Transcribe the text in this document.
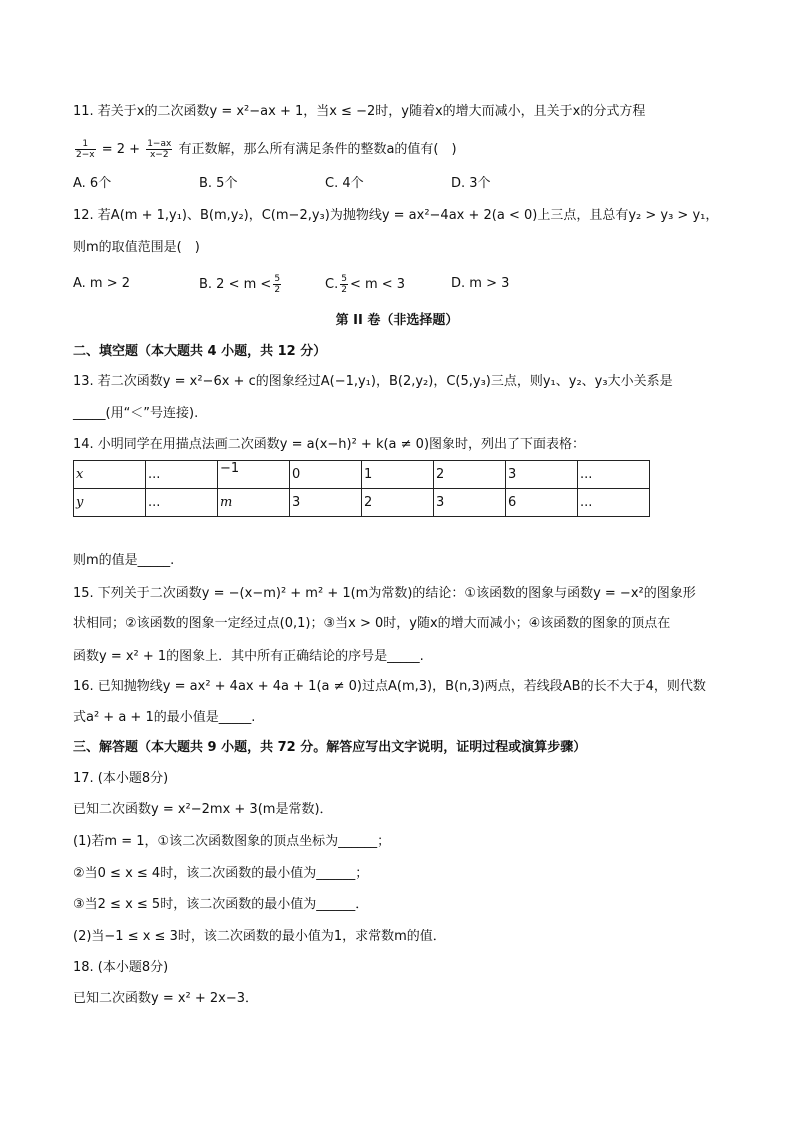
11. 若关于x的二次函数y = x²−ax + 1，当x ≤ −2时，y随着x的增大而减小，且关于x的分式方程
$\frac{1}{2-x} = 2 + \frac{1-ax}{x-2}$ 有正数解，那么所有满足条件的整数a的值有(　)
A. 6个	B. 5个	C. 4个	D. 3个
12. 若A(m + 1,y₁)、B(m,y₂)，C(m−2,y₃)为抛物线y = ax²−4ax + 2(a < 0)上三点，且总有y₂ > y₃ > y₁，
则m的取值范围是(　)
A. m > 2	B. $2 < m < \frac{5}{2}$	C. $\frac{5}{2} < m < 3$	D. m > 3
第 II 卷（非选择题）
二、填空题（本大题共 4 小题，共 12 分）
13. 若二次函数y = x²−6x + c的图象经过A(−1,y₁)，B(2,y₂)，C(5,y₃)三点，则y₁、y₂、y₃大小关系是
_____(用“＜”号连接).
14. 小明同学在用描点法画二次函数y = a(x−h)² + k(a ≠ 0)图象时，列出了下面表格：
x	...	−1	0	1	2	3	...
y	...	m	3	2	3	6	...
则m的值是_____.
15. 下列关于二次函数y = −(x−m)² + m² + 1(m为常数)的结论：①该函数的图象与函数y = −x²的图象形
状相同；②该函数的图象一定经过点(0,1)；③当x > 0时，y随x的增大而减小；④该函数的图象的顶点在
函数y = x² + 1的图象上．其中所有正确结论的序号是_____.
16. 已知抛物线y = ax² + 4ax + 4a + 1(a ≠ 0)过点A(m,3)，B(n,3)两点，若线段AB的长不大于4，则代数
式a² + a + 1的最小值是_____.
三、解答题（本大题共 9 小题，共 72 分。解答应写出文字说明，证明过程或演算步骤）
17. (本小题8分)
已知二次函数y = x²−2mx + 3(m是常数)．
(1)若m = 1，①该二次函数图象的顶点坐标为______；
②当0 ≤ x ≤ 4时，该二次函数的最小值为______；
③当2 ≤ x ≤ 5时，该二次函数的最小值为______．
(2)当−1 ≤ x ≤ 3时，该二次函数的最小值为1，求常数m的值．
18. (本小题8分)
已知二次函数y = x² + 2x−3．
